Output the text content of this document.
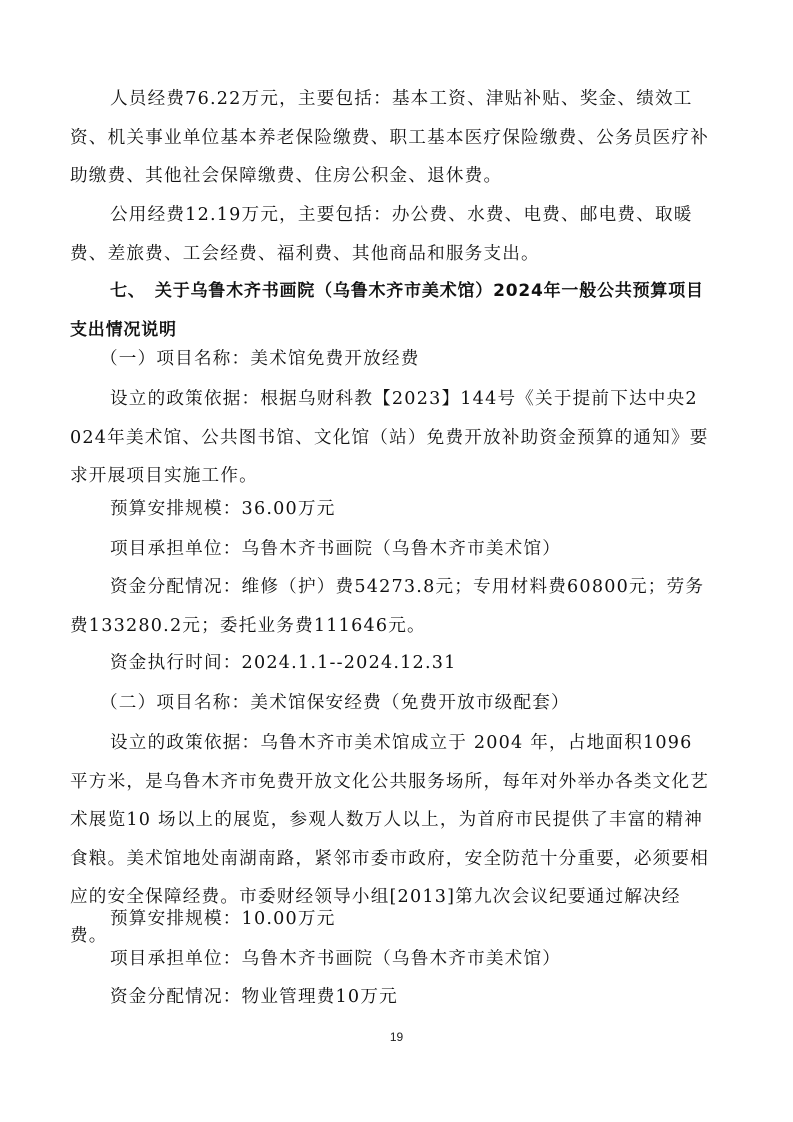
人员经费76.22万元，主要包括：基本工资、津贴补贴、奖金、绩效工资、机关事业单位基本养老保险缴费、职工基本医疗保险缴费、公务员医疗补助缴费、其他社会保障缴费、住房公积金、退休费。

公用经费12.19万元，主要包括：办公费、水费、电费、邮电费、取暖费、差旅费、工会经费、福利费、其他商品和服务支出。

七、　关于乌鲁木齐书画院（乌鲁木齐市美术馆）2024年一般公共预算项目支出情况说明

（一）项目名称：美术馆免费开放经费

设立的政策依据：根据乌财科教【2023】144号《关于提前下达中央2024年美术馆、公共图书馆、文化馆（站）免费开放补助资金预算的通知》要求开展项目实施工作。

预算安排规模：36.00万元
项目承担单位：乌鲁木齐书画院（乌鲁木齐市美术馆）

资金分配情况：维修（护）费54273.8元；专用材料费60800元；劳务费133280.2元；委托业务费111646元。

资金执行时间：2024.1.1--2024.12.31
（二）项目名称：美术馆保安经费（免费开放市级配套）

设立的政策依据：乌鲁木齐市美术馆成立于 2004 年，占地面积1096平方米，是乌鲁木齐市免费开放文化公共服务场所，每年对外举办各类文化艺术展览10 场以上的展览，参观人数万人以上，为首府市民提供了丰富的精神食粮。美术馆地处南湖南路，紧邻市委市政府，安全防范十分重要，必须要相应的安全保障经费。市委财经领导小组[2013]第九次会议纪要通过解决经费。

预算安排规模：10.00万元
项目承担单位：乌鲁木齐书画院（乌鲁木齐市美术馆）
资金分配情况：物业管理费10万元
19
